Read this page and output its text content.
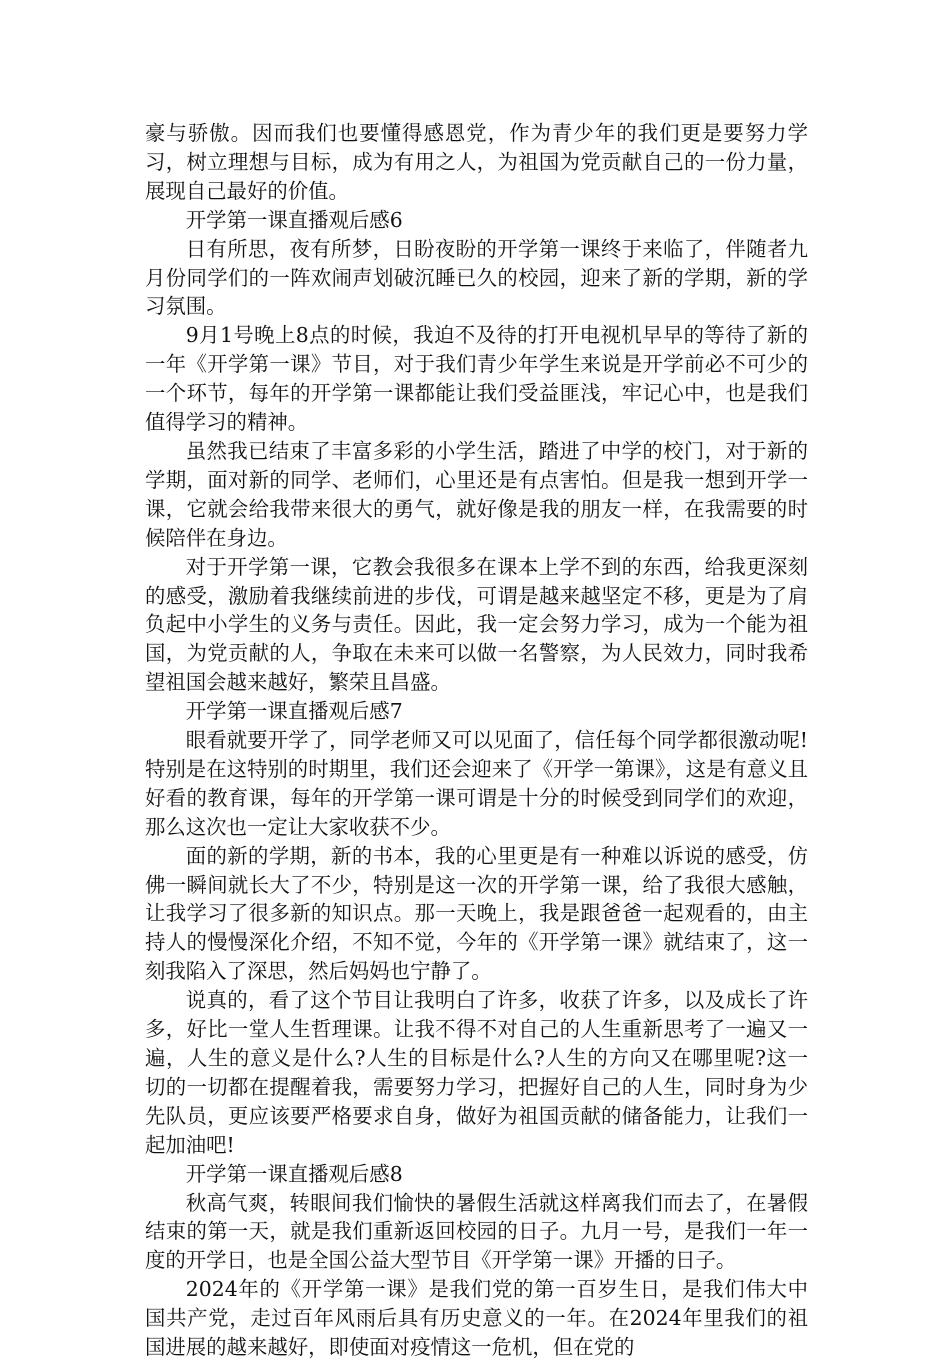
豪与骄傲。因而我们也要懂得感恩党，作为青少年的我们更是要努力学习，树立理想与目标，成为有用之人，为祖国为党贡献自己的一份力量，展现自己最好的价值。

开学第一课直播观后感6

日有所思，夜有所梦，日盼夜盼的开学第一课终于来临了，伴随者九月份同学们的一阵欢闹声划破沉睡已久的校园，迎来了新的学期，新的学习氛围。

9月1号晚上8点的时候，我迫不及待的打开电视机早早的等待了新的一年《开学第一课》节目，对于我们青少年学生来说是开学前必不可少的一个环节，每年的开学第一课都能让我们受益匪浅，牢记心中，也是我们值得学习的精神。

虽然我已结束了丰富多彩的小学生活，踏进了中学的校门，对于新的学期，面对新的同学、老师们，心里还是有点害怕。但是我一想到开学一课，它就会给我带来很大的勇气，就好像是我的朋友一样，在我需要的时候陪伴在身边。

对于开学第一课，它教会我很多在课本上学不到的东西，给我更深刻的感受，激励着我继续前进的步伐，可谓是越来越坚定不移，更是为了肩负起中小学生的义务与责任。因此，我一定会努力学习，成为一个能为祖国，为党贡献的人，争取在未来可以做一名警察，为人民效力，同时我希望祖国会越来越好，繁荣且昌盛。

开学第一课直播观后感7

眼看就要开学了，同学老师又可以见面了，信任每个同学都很激动呢!特别是在这特别的时期里，我们还会迎来了《开学一第课》，这是有意义且好看的教育课，每年的开学第一课可谓是十分的时候受到同学们的欢迎，那么这次也一定让大家收获不少。

面的新的学期，新的书本，我的心里更是有一种难以诉说的感受，仿佛一瞬间就长大了不少，特别是这一次的开学第一课，给了我很大感触，让我学习了很多新的知识点。那一天晚上，我是跟爸爸一起观看的，由主持人的慢慢深化介绍，不知不觉，今年的《开学第一课》就结束了，这一刻我陷入了深思，然后妈妈也宁静了。

说真的，看了这个节目让我明白了许多，收获了许多，以及成长了许多，好比一堂人生哲理课。让我不得不对自己的人生重新思考了一遍又一遍，人生的意义是什么?人生的目标是什么?人生的方向又在哪里呢?这一切的一切都在提醒着我，需要努力学习，把握好自己的人生，同时身为少先队员，更应该要严格要求自身，做好为祖国贡献的储备能力，让我们一起加油吧!

开学第一课直播观后感8

秋高气爽，转眼间我们愉快的暑假生活就这样离我们而去了，在暑假结束的第一天，就是我们重新返回校园的日子。九月一号，是我们一年一度的开学日，也是全国公益大型节目《开学第一课》开播的日子。

2024年的《开学第一课》是我们党的第一百岁生日，是我们伟大中国共产党，走过百年风雨后具有历史意义的一年。在2024年里我们的祖国进展的越来越好，即使面对疫情这一危机，但在党的
